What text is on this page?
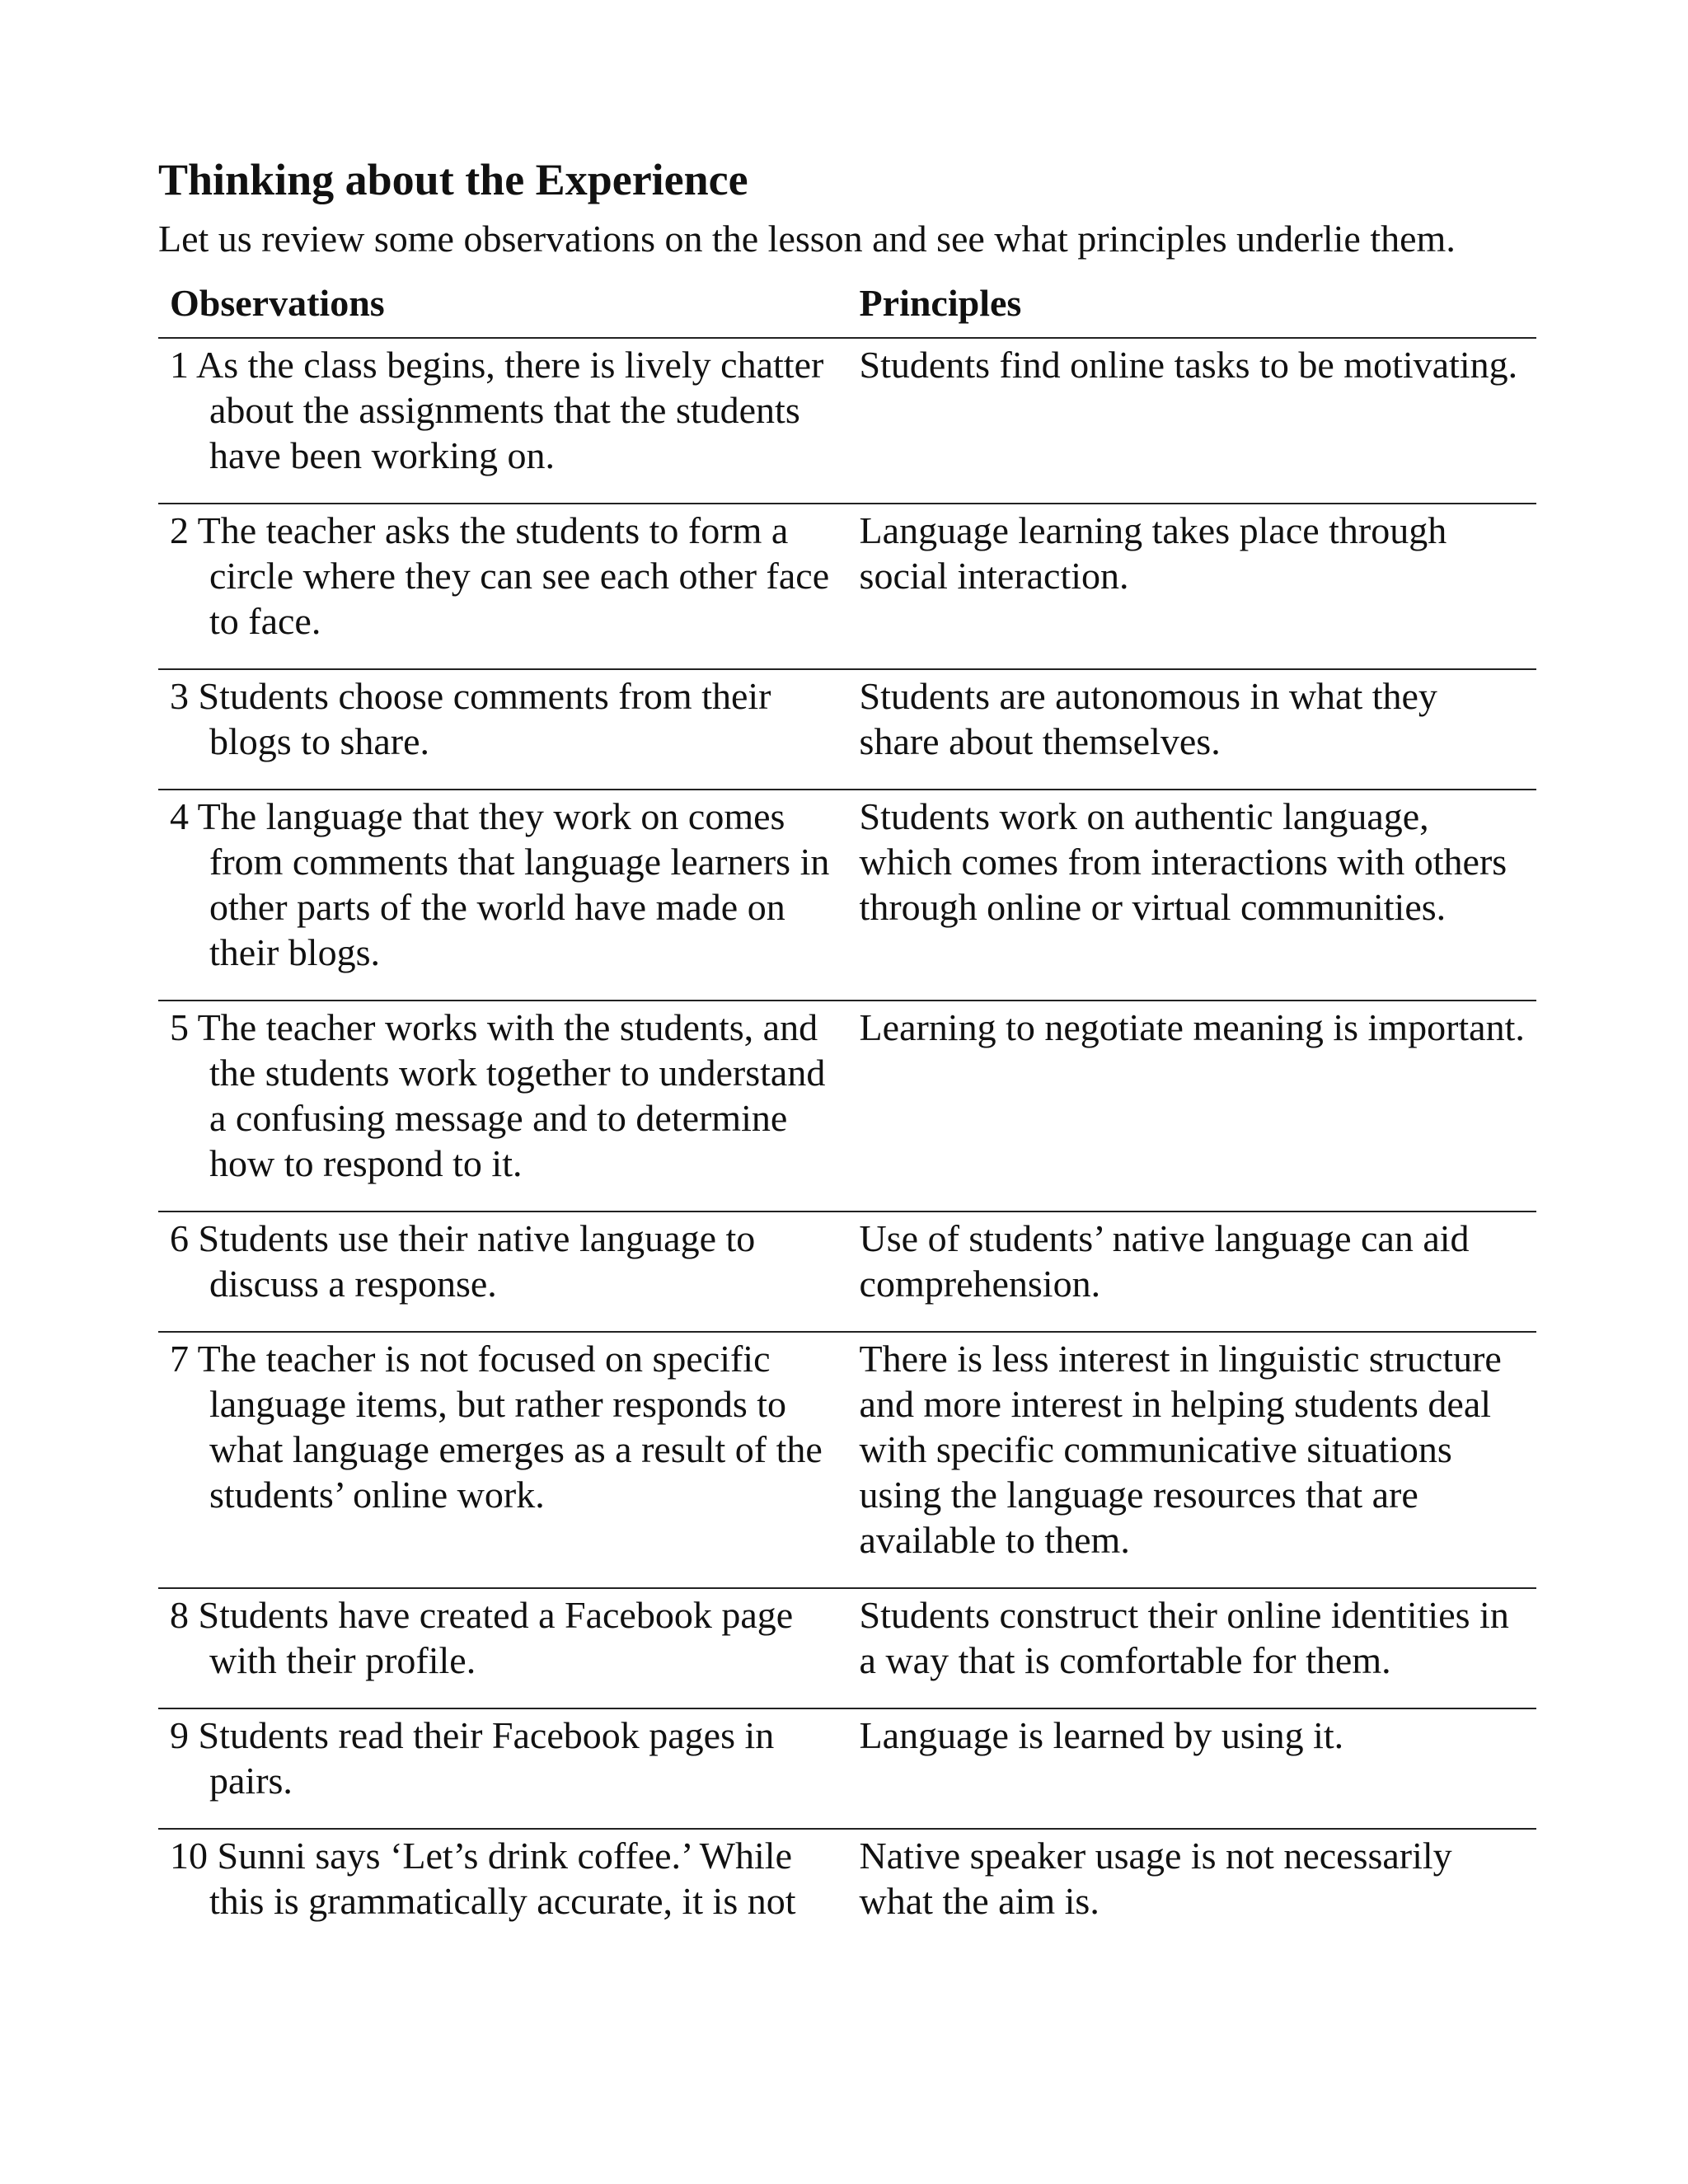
Thinking about the Experience

Let us review some observations on the lesson and see what principles underlie them.

Observations	Principles
1 As the class begins, there is lively chatter about the assignments that the students have been working on.	Students find online tasks to be motivating.
2 The teacher asks the students to form a circle where they can see each other face to face.	Language learning takes place through social interaction.
3 Students choose comments from their blogs to share.	Students are autonomous in what they share about themselves.
4 The language that they work on comes from comments that language learners in other parts of the world have made on their blogs.	Students work on authentic language, which comes from interactions with others through online or virtual communities.
5 The teacher works with the students, and the students work together to understand a confusing message and to determine how to respond to it.	Learning to negotiate meaning is important.
6 Students use their native language to discuss a response.	Use of students’ native language can aid comprehension.
7 The teacher is not focused on specific language items, but rather responds to what language emerges as a result of the students’ online work.	There is less interest in linguistic structure and more interest in helping students deal with specific communicative situations using the language resources that are available to them.
8 Students have created a Facebook page with their profile.	Students construct their online identities in a way that is comfortable for them.
9 Students read their Facebook pages in pairs.	Language is learned by using it.
10 Sunni says ‘Let’s drink coffee.’ While this is grammatically accurate, it is not	Native speaker usage is not necessarily what the aim is.
